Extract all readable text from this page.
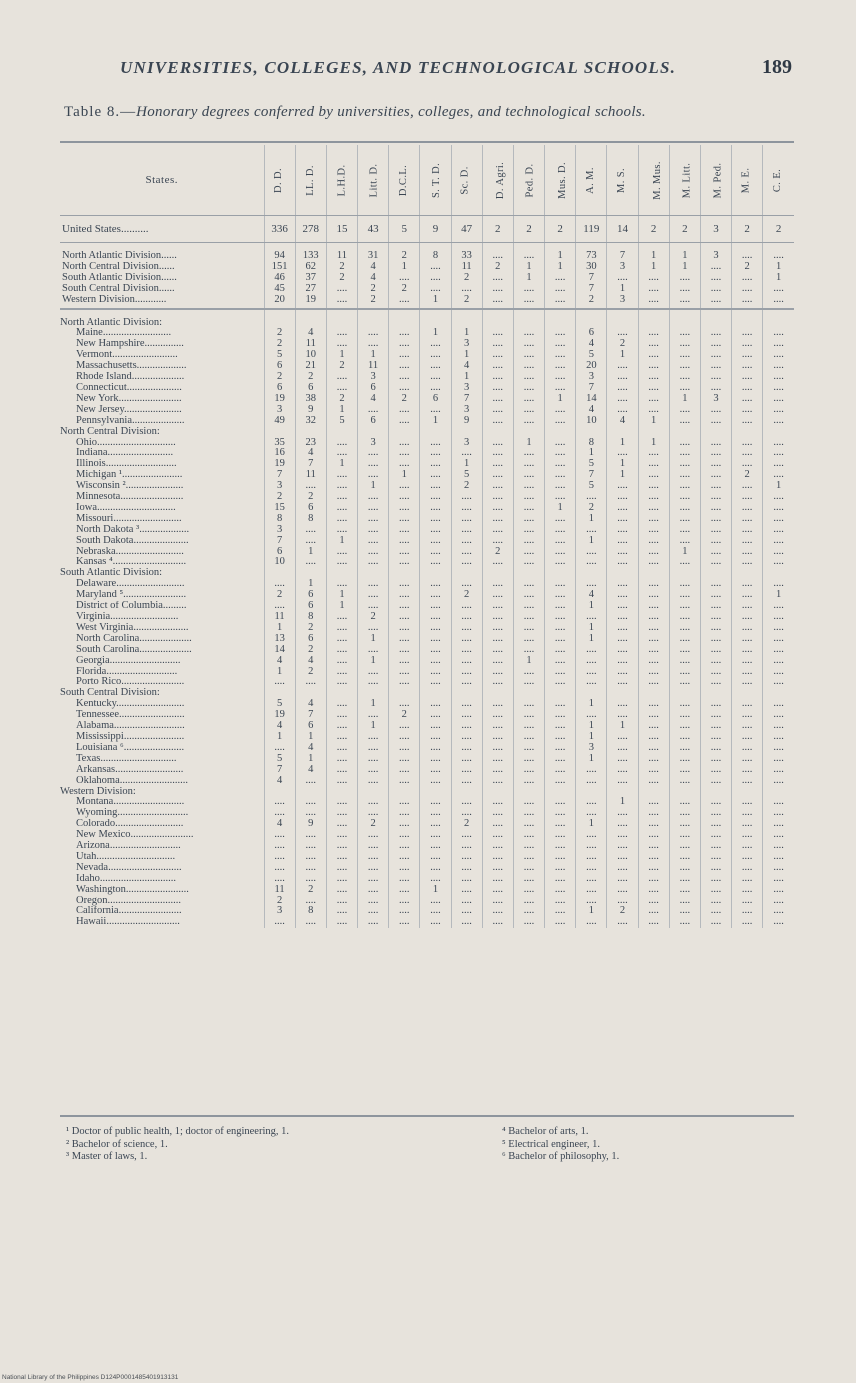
UNIVERSITIES, COLLEGES, AND TECHNOLOGICAL SCHOOLS.	189
Table 8.—Honorary degrees conferred by universities, colleges, and technological schools.
States.	D. D.	LL. D.	L.H.D.	Litt. D.	D.C.L.	S. T. D.	Sc. D.	D. Agri.	Ped. D.	Mus. D.	A. M.	M. S.	M. Mus.	M. Litt.	M. Ped.	M. E.	C. E.
United States..........	336	278	15	43	5	9	47	2	2	2	119	14	2	2	3	2	2

North Atlantic Division......	94	133	11	31	2	8	33	....	....	1	73	7	1	1	3	....	....
North Central Division......	151	62	2	4	1	....	11	2	1	1	30	3	1	1	....	2	1
South Atlantic Division......	46	37	2	4	....	....	2	....	1	....	7	....	....	....	....	....	1
South Central Division......	45	27	....	2	2	....	....	....	....	....	7	1	....	....	....	....	....
Western Division............	20	19	....	2	....	1	2	....	....	....	2	3	....	....	....	....	....

North Atlantic Division:																	
Maine..........................	2	4	....	....	....	1	1	....	....	....	6	....	....	....	....	....	....
New Hampshire...............	2	11	....	....	....	....	3	....	....	....	4	2	....	....	....	....	....
Vermont.........................	5	10	1	1	....	....	1	....	....	....	5	1	....	....	....	....	....
Massachusetts...................	6	21	2	11	....	....	4	....	....	....	20	....	....	....	....	....	....
Rhode Island....................	2	2	....	3	....	....	1	....	....	....	3	....	....	....	....	....	....
Connecticut.....................	6	6	....	6	....	....	3	....	....	....	7	....	....	....	....	....	....
New York........................	19	38	2	4	2	6	7	....	....	1	14	....	....	1	3	....	....
New Jersey......................	3	9	1	....	....	....	3	....	....	....	4	....	....	....	....	....	....
Pennsylvania....................	49	32	5	6	....	1	9	....	....	....	10	4	1	....	....	....	....
North Central Division:																	
Ohio..............................	35	23	....	3	....	....	3	....	1	....	8	1	1	....	....	....	....
Indiana.........................	16	4	....	....	....	....	....	....	....	....	1	....	....	....	....	....	....
Illinois...........................	19	7	1	....	....	....	1	....	....	....	5	1	....	....	....	....	....
Michigan ¹.......................	7	11	....	....	1	....	5	....	....	....	7	1	....	....	....	2	....
Wisconsin ²......................	3	....	....	1	....	....	2	....	....	....	5	....	....	....	....	....	1
Minnesota........................	2	2	....	....	....	....	....	....	....	....	....	....	....	....	....	....	....
Iowa..............................	15	6	....	....	....	....	....	....	....	1	2	....	....	....	....	....	....
Missouri..........................	8	8	....	....	....	....	....	....	....	....	1	....	....	....	....	....	....
North Dakota ³...................	3	....	....	....	....	....	....	....	....	....	....	....	....	....	....	....	....
South Dakota.....................	7	....	1	....	....	....	....	....	....	....	1	....	....	....	....	....	....
Nebraska..........................	6	1	....	....	....	....	....	2	....	....	....	....	....	1	....	....	....
Kansas ⁴............................	10	....	....	....	....	....	....	....	....	....	....	....	....	....	....	....	....
South Atlantic Division:																	
Delaware..........................	....	1	....	....	....	....	....	....	....	....	....	....	....	....	....	....	....
Maryland ⁵........................	2	6	1	....	....	....	2	....	....	....	4	....	....	....	....	....	1
District of Columbia.........	....	6	1	....	....	....	....	....	....	....	1	....	....	....	....	....	....
Virginia..........................	11	8	....	2	....	....	....	....	....	....	....	....	....	....	....	....	....
West Virginia.....................	1	2	....	....	....	....	....	....	....	....	1	....	....	....	....	....	....
North Carolina....................	13	6	....	1	....	....	....	....	....	....	1	....	....	....	....	....	....
South Carolina....................	14	2	....	....	....	....	....	....	....	....	....	....	....	....	....	....	....
Georgia...........................	4	4	....	1	....	....	....	....	1	....	....	....	....	....	....	....	....
Florida...........................	1	2	....	....	....	....	....	....	....	....	....	....	....	....	....	....	....
Porto Rico........................	....	....	....	....	....	....	....	....	....	....	....	....	....	....	....	....	....
South Central Division:																	
Kentucky..........................	5	4	....	1	....	....	....	....	....	....	1	....	....	....	....	....	....
Tennessee.........................	19	7	....	....	2	....	....	....	....	....	....	....	....	....	....	....	....
Alabama...........................	4	6	....	1	....	....	....	....	....	....	1	1	....	....	....	....	....
Mississippi.......................	1	1	....	....	....	....	....	....	....	....	1	....	....	....	....	....	....
Louisiana ⁶.......................	....	4	....	....	....	....	....	....	....	....	3	....	....	....	....	....	....
Texas.............................	5	1	....	....	....	....	....	....	....	....	1	....	....	....	....	....	....
Arkansas..........................	7	4	....	....	....	....	....	....	....	....	....	....	....	....	....	....	....
Oklahoma..........................	4	....	....	....	....	....	....	....	....	....	....	....	....	....	....	....	....
Western Division:																	
Montana...........................	....	....	....	....	....	....	....	....	....	....	....	1	....	....	....	....	....
Wyoming...........................	....	....	....	....	....	....	....	....	....	....	....	....	....	....	....	....	....
Colorado..........................	4	9	....	2	....	....	2	....	....	....	1	....	....	....	....	....	....
New Mexico........................	....	....	....	....	....	....	....	....	....	....	....	....	....	....	....	....	....
Arizona...........................	....	....	....	....	....	....	....	....	....	....	....	....	....	....	....	....	....
Utah..............................	....	....	....	....	....	....	....	....	....	....	....	....	....	....	....	....	....
Nevada............................	....	....	....	....	....	....	....	....	....	....	....	....	....	....	....	....	....
Idaho.............................	....	....	....	....	....	....	....	....	....	....	....	....	....	....	....	....	....
Washington........................	11	2	....	....	....	1	....	....	....	....	....	....	....	....	....	....	....
Oregon............................	2	....	....	....	....	....	....	....	....	....	....	....	....	....	....	....	....
California........................	3	8	....	....	....	....	....	....	....	....	1	2	....	....	....	....	....
Hawaii............................	....	....	....	....	....	....	....	....	....	....	....	....	....	....	....	....	....
¹ Doctor of public health, 1; doctor of engineering, 1.
² Bachelor of science, 1.
³ Master of laws, 1.
⁴ Bachelor of arts, 1.
⁵ Electrical engineer, 1.
⁶ Bachelor of philosophy, 1.
National Library of the Philippines D124P0001485401913131
